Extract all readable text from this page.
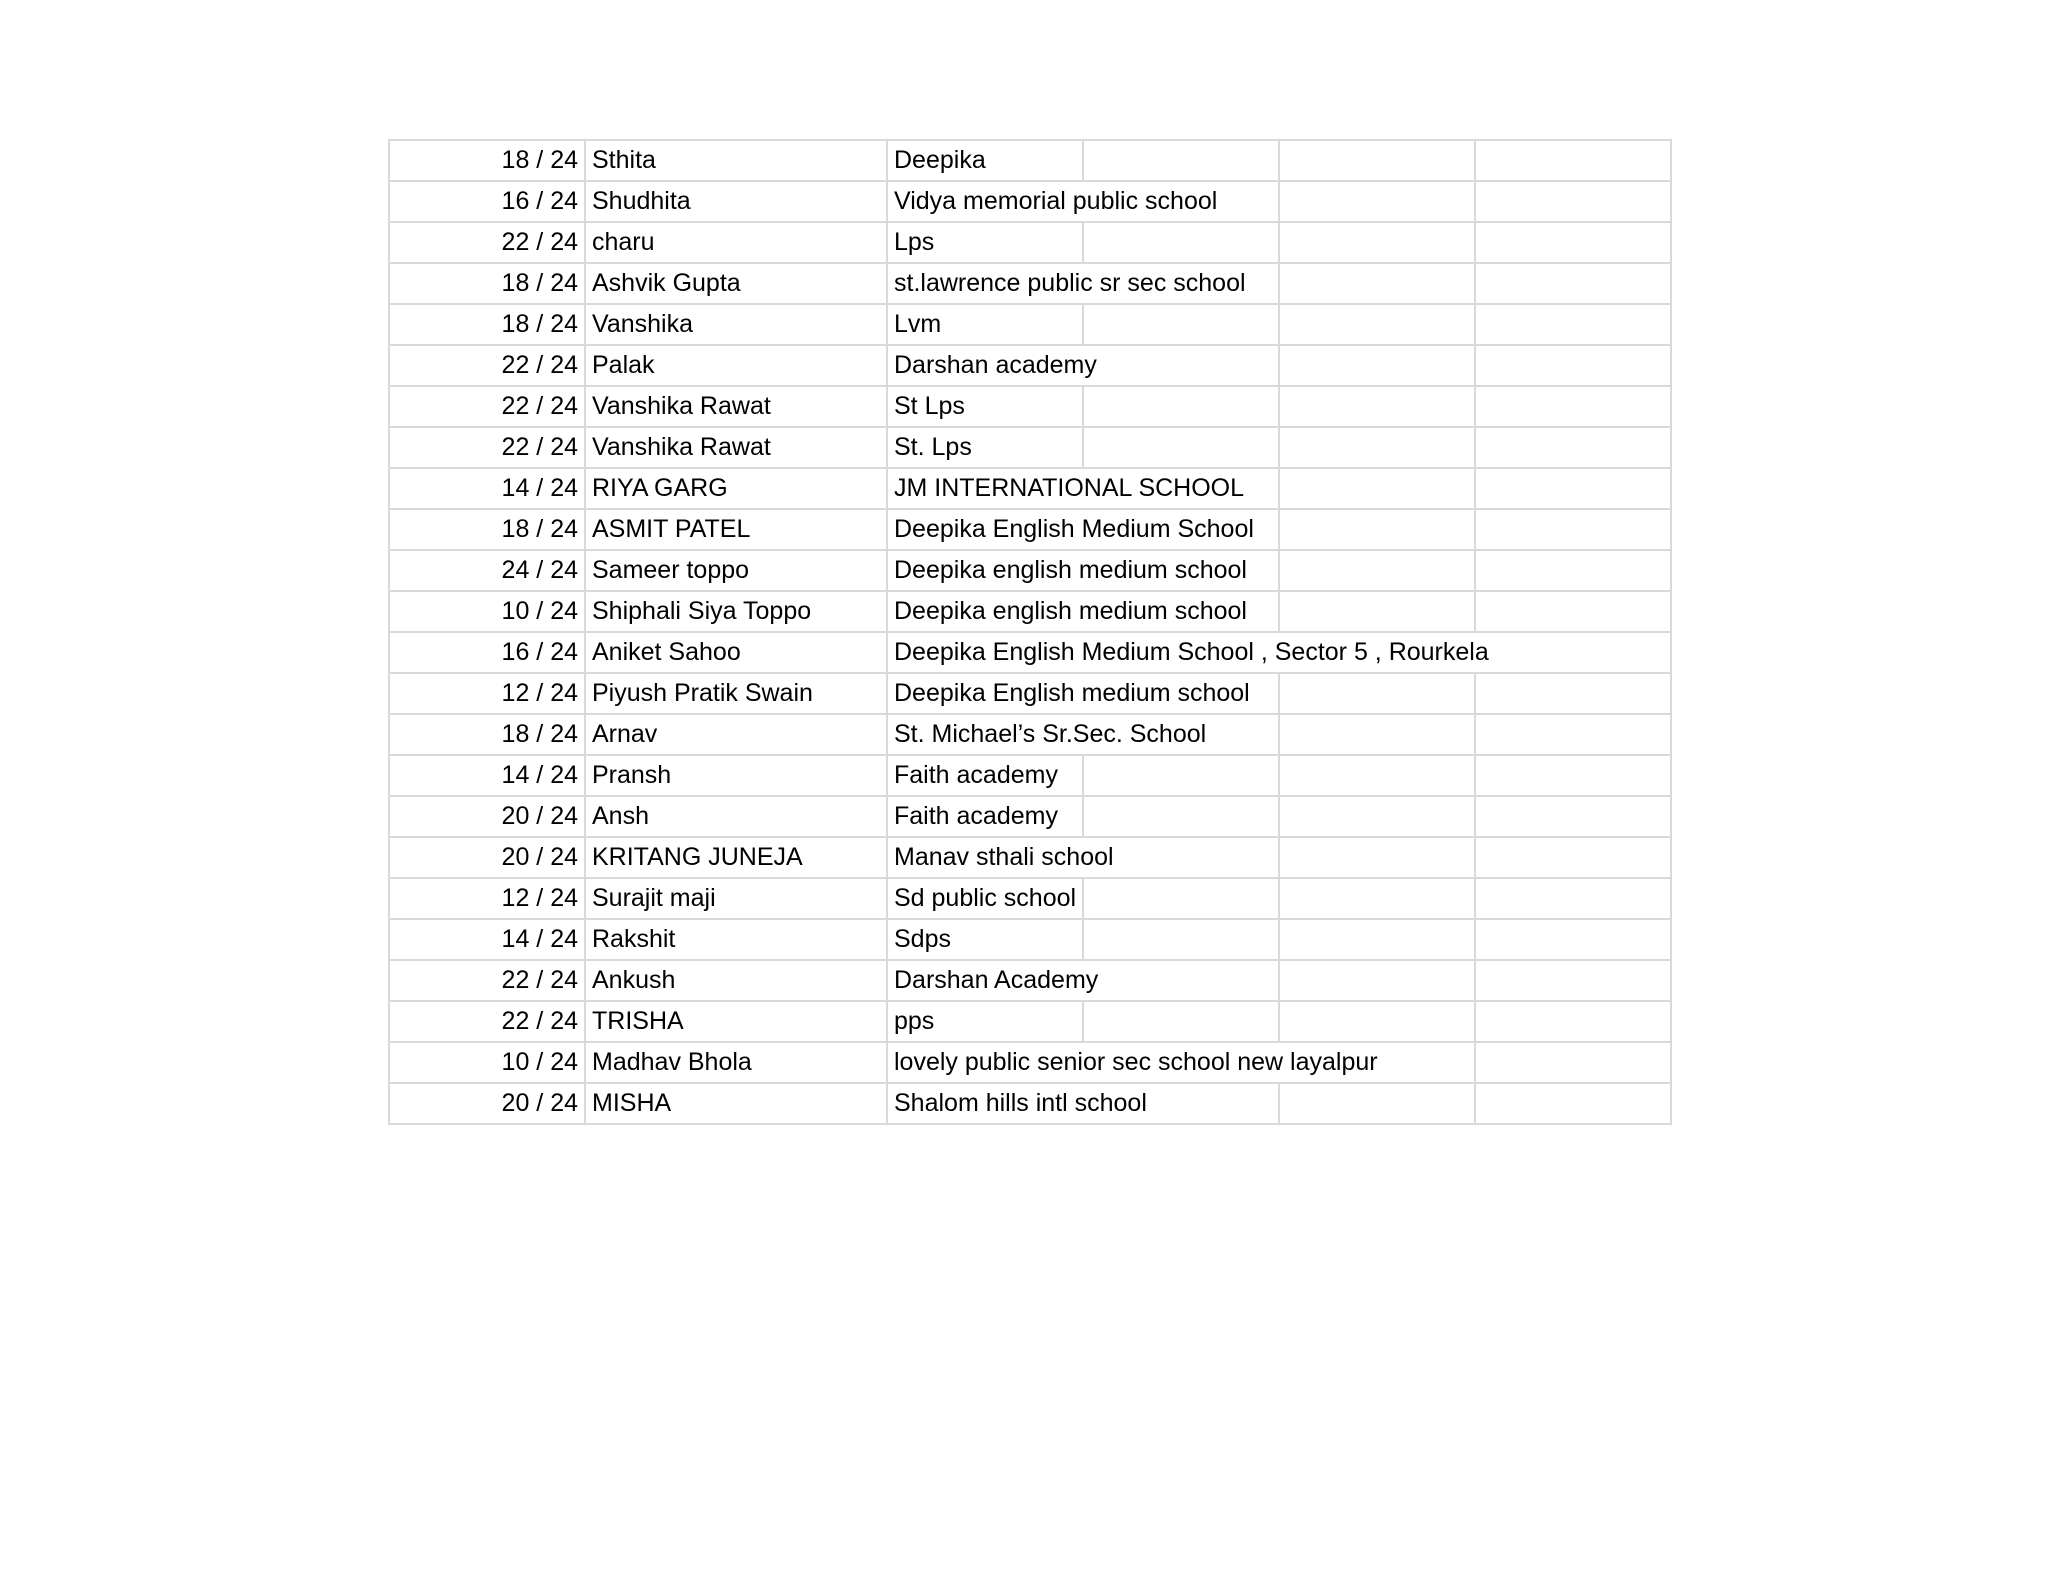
18 / 24	Sthita	Deepika			
16 / 24	Shudhita	Vidya memorial public school			
22 / 24	charu	Lps			
18 / 24	Ashvik Gupta	st.lawrence public sr sec school			
18 / 24	Vanshika	Lvm			
22 / 24	Palak	Darshan academy			
22 / 24	Vanshika Rawat	St Lps			
22 / 24	Vanshika Rawat	St. Lps			
14 / 24	RIYA GARG	JM INTERNATIONAL SCHOOL			
18 / 24	ASMIT PATEL	Deepika English Medium School			
24 / 24	Sameer toppo	Deepika english medium school			
10 / 24	Shiphali Siya Toppo	Deepika english medium school			
16 / 24	Aniket Sahoo	Deepika English Medium School , Sector 5 , Rourkela			
12 / 24	Piyush Pratik Swain	Deepika English medium school			
18 / 24	Arnav	St. Michael’s Sr.Sec. School			
14 / 24	Pransh	Faith academy			
20 / 24	Ansh	Faith academy			
20 / 24	KRITANG JUNEJA	Manav sthali school			
12 / 24	Surajit maji	Sd public school			
14 / 24	Rakshit	Sdps			
22 / 24	Ankush	Darshan Academy			
22 / 24	TRISHA	pps			
10 / 24	Madhav Bhola	lovely public senior sec school new layalpur			
20 / 24	MISHA	Shalom hills intl school			
